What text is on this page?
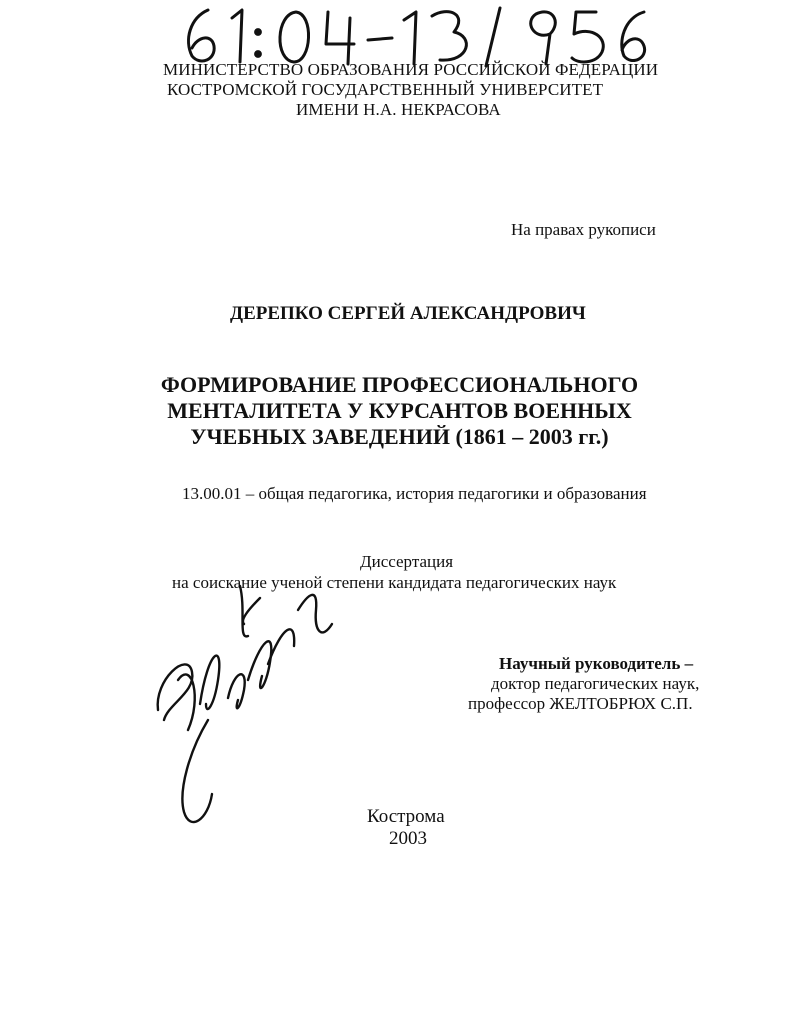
МИНИСТЕРСТВО ОБРАЗОВАНИЯ РОССИЙСКОЙ ФЕДЕРАЦИИ
КОСТРОМСКОЙ ГОСУДАРСТВЕННЫЙ УНИВЕРСИТЕТ
ИМЕНИ Н.А. НЕКРАСОВА
На правах рукописи
ДЕРЕПКО СЕРГЕЙ АЛЕКСАНДРОВИЧ
ФОРМИРОВАНИЕ ПРОФЕССИОНАЛЬНОГО
МЕНТАЛИТЕТА У КУРСАНТОВ ВОЕННЫХ
УЧЕБНЫХ ЗАВЕДЕНИЙ (1861 – 2003 гг.)
13.00.01 – общая педагогика, история педагогики и образования
Диссертация
на соискание ученой степени кандидата педагогических наук
Научный руководитель –
доктор педагогических наук,
профессор ЖЕЛТОБРЮХ С.П.
Кострома
2003
